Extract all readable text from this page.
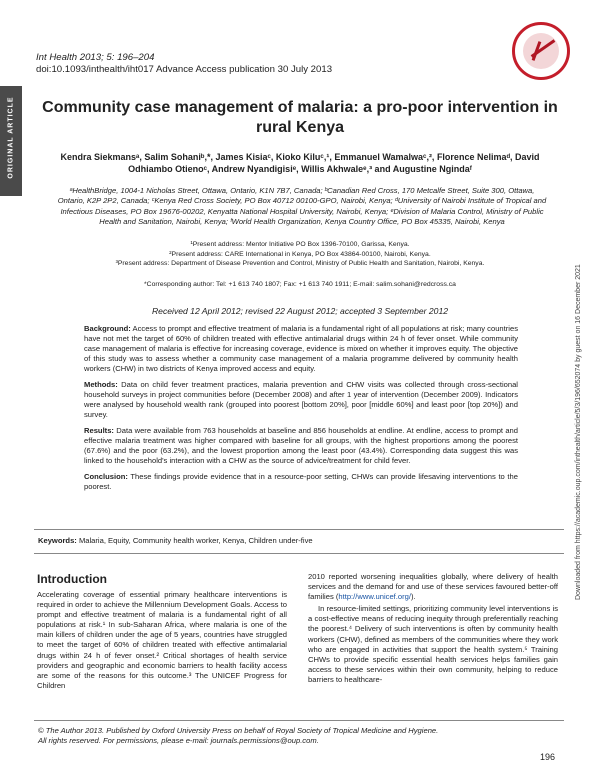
Int Health 2013; 5: 196–204
doi:10.1093/inthealth/iht017 Advance Access publication 30 July 2013
ORIGINAL ARTICLE Community case management of malaria: a pro-poor intervention in rural Kenya
Kendra Siekmansᵃ, Salim Sohaniᵇ,*, James Kisiaᶜ, Kioko Kiluᶜ,¹, Emmanuel Wamalwaᶜ,², Florence Nelimaᵈ, David Odhiambo Otienoᶜ, Andrew Nyandigisiᵉ, Willis Akhwaleᵉ,³ and Augustine Ngindaᶠ
ᵃHealthBridge, 1004-1 Nicholas Street, Ottawa, Ontario, K1N 7B7, Canada; ᵇCanadian Red Cross, 170 Metcalfe Street, Suite 300, Ottawa, Ontario, K2P 2P2, Canada; ᶜKenya Red Cross Society, PO Box 40712 00100-GPO, Nairobi, Kenya; ᵈUniversity of Nairobi Institute of Tropical and Infectious Diseases, PO Box 19676-00202, Kenyatta National Hospital University, Nairobi, Kenya; ᵉDivision of Malaria Control, Ministry of Public Health and Sanitation, Nairobi, Kenya; ᶠWorld Health Organization, Kenya Country Office, PO Box 45335, Nairobi, Kenya
¹Present address: Mentor Initiative PO Box 1396-70100, Garissa, Kenya.
²Present address: CARE International in Kenya, PO Box 43864-00100, Nairobi, Kenya.
³Present address: Department of Disease Prevention and Control, Ministry of Public Health and Sanitation, Nairobi, Kenya.
*Corresponding author: Tel: +1 613 740 1807; Fax: +1 613 740 1911; E-mail: salim.sohani@redcross.ca
Received 12 April 2012; revised 22 August 2012; accepted 3 September 2012

Background: Access to prompt and effective treatment of malaria is a fundamental right of all populations at risk; many countries have not met the target of 60% of children treated with effective antimalarial drugs within 24 h of fever onset. While community case management of malaria is effective for increasing coverage, evidence is mixed on whether it improves equity. The objective of this study was to assess whether a community case management of a malaria programme delivered by community health workers (CHW) in two districts of Kenya improved access and equity.

Methods: Data on child fever treatment practices, malaria prevention and CHW visits was collected through cross-sectional household surveys in project communities before (December 2008) and after 1 year of intervention (December 2009). Indicators were analysed by household wealth rank (grouped into poorest [bottom 20%], poor [middle 60%] and least poor [top 20%]) and survey.

Results: Data were available from 763 households at baseline and 856 households at endline. At endline, access to prompt and effective malaria treatment was higher compared with baseline for all groups, with the highest proportions among the poorest (67.6%) and the poor (63.2%), and the lowest proportion among the least poor (43.4%). Corresponding data suggest this was linked to the household's interaction with a CHW as the source of advice/treatment for child fever.

Conclusion: These findings provide evidence that in a resource-poor setting, CHWs can provide lifesaving interventions to the poorest.

Keywords: Malaria, Equity, Community health worker, Kenya, Children under-five
Introduction

Accelerating coverage of essential primary healthcare interventions is required in order to achieve the Millennium Development Goals. Access to prompt and effective treatment of malaria is a fundamental right of all populations at risk.¹ In sub-Saharan Africa, where malaria is one of the main killers of children under the age of 5 years, countries have struggled to meet the target of 60% of children treated with effective antimalarial drugs within 24 h of fever onset.² Critical shortages of health service providers and geographic and economic barriers to health facility access are some of the reasons for this outcome.³ The UNICEF Progress for Children

2010 reported worsening inequalities globally, where delivery of health services and the demand for and use of these services favoured better-off families (http://www.unicef.org/).

In resource-limited settings, prioritizing community level interventions is a cost-effective means of reducing inequity through preferentially reaching the poorest.⁴ Delivery of such interventions is often by community health workers (CHW), defined as members of the communities where they work who are engaged in activities that support the health system.⁵ Training CHWs to provide specific essential health services helps families gain access to these services within their own community, helping to reduce barriers to healthcare-

© The Author 2013. Published by Oxford University Press on behalf of Royal Society of Tropical Medicine and Hygiene.
All rights reserved. For permissions, please e-mail: journals.permissions@oup.com.
196
Downloaded from https://academic.oup.com/inthealth/article/5/3/196/652074 by guest on 16 December 2021
